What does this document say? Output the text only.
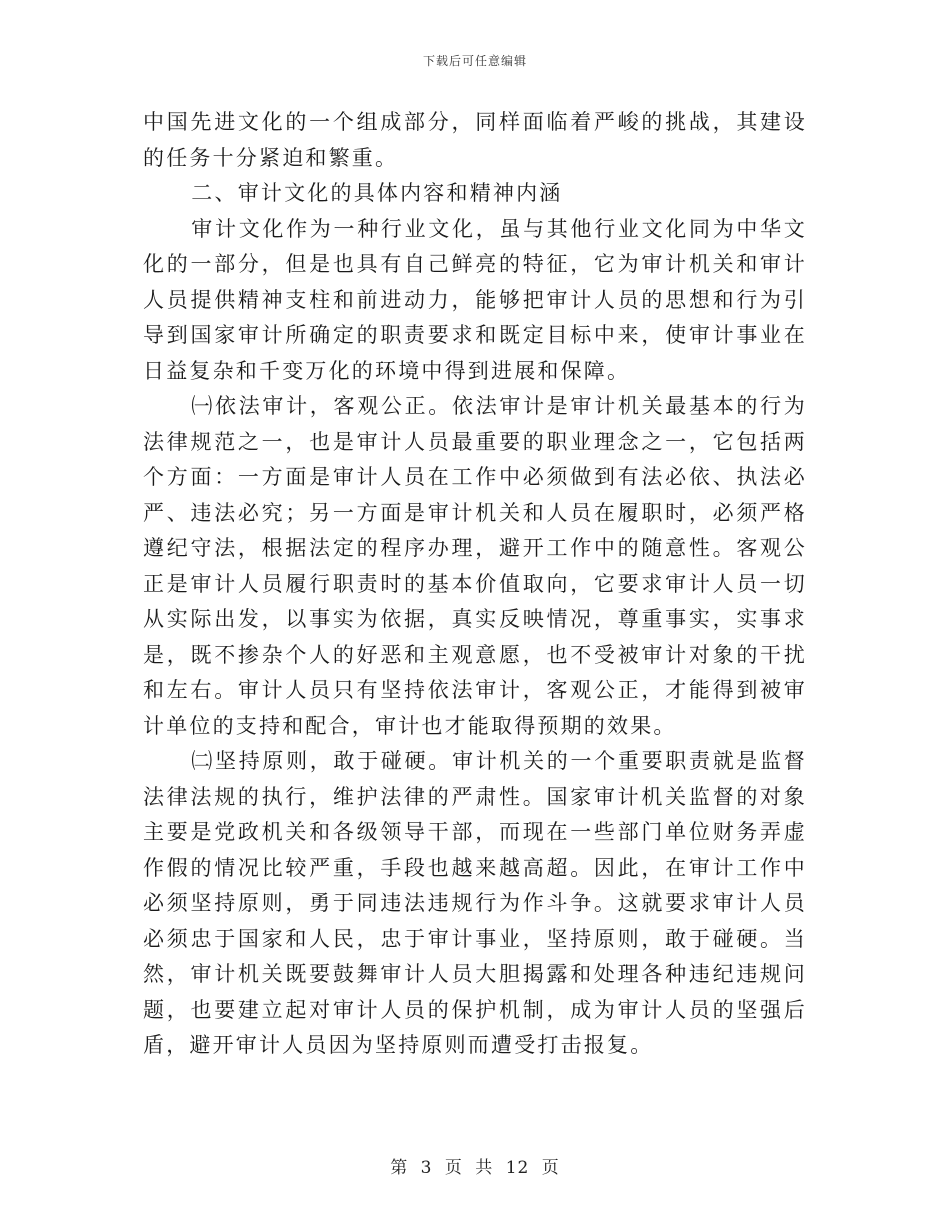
下载后可任意编辑

中国先进文化的一个组成部分，同样面临着严峻的挑战，其建设的任务十分紧迫和繁重。

二、审计文化的具体内容和精神内涵

审计文化作为一种行业文化，虽与其他行业文化同为中华文化的一部分，但是也具有自己鲜亮的特征，它为审计机关和审计人员提供精神支柱和前进动力，能够把审计人员的思想和行为引导到国家审计所确定的职责要求和既定目标中来，使审计事业在日益复杂和千变万化的环境中得到进展和保障。

㈠依法审计，客观公正。依法审计是审计机关最基本的行为法律规范之一，也是审计人员最重要的职业理念之一，它包括两个方面：一方面是审计人员在工作中必须做到有法必依、执法必严、违法必究；另一方面是审计机关和人员在履职时，必须严格遵纪守法，根据法定的程序办理，避开工作中的随意性。客观公正是审计人员履行职责时的基本价值取向，它要求审计人员一切从实际出发，以事实为依据，真实反映情况，尊重事实，实事求是，既不掺杂个人的好恶和主观意愿，也不受被审计对象的干扰和左右。审计人员只有坚持依法审计，客观公正，才能得到被审计单位的支持和配合，审计也才能取得预期的效果。

㈡坚持原则，敢于碰硬。审计机关的一个重要职责就是监督法律法规的执行，维护法律的严肃性。国家审计机关监督的对象主要是党政机关和各级领导干部，而现在一些部门单位财务弄虚作假的情况比较严重，手段也越来越高超。因此，在审计工作中必须坚持原则，勇于同违法违规行为作斗争。这就要求审计人员必须忠于国家和人民，忠于审计事业，坚持原则，敢于碰硬。当然，审计机关既要鼓舞审计人员大胆揭露和处理各种违纪违规问题，也要建立起对审计人员的保护机制，成为审计人员的坚强后盾，避开审计人员因为坚持原则而遭受打击报复。

第 3 页 共 12 页
